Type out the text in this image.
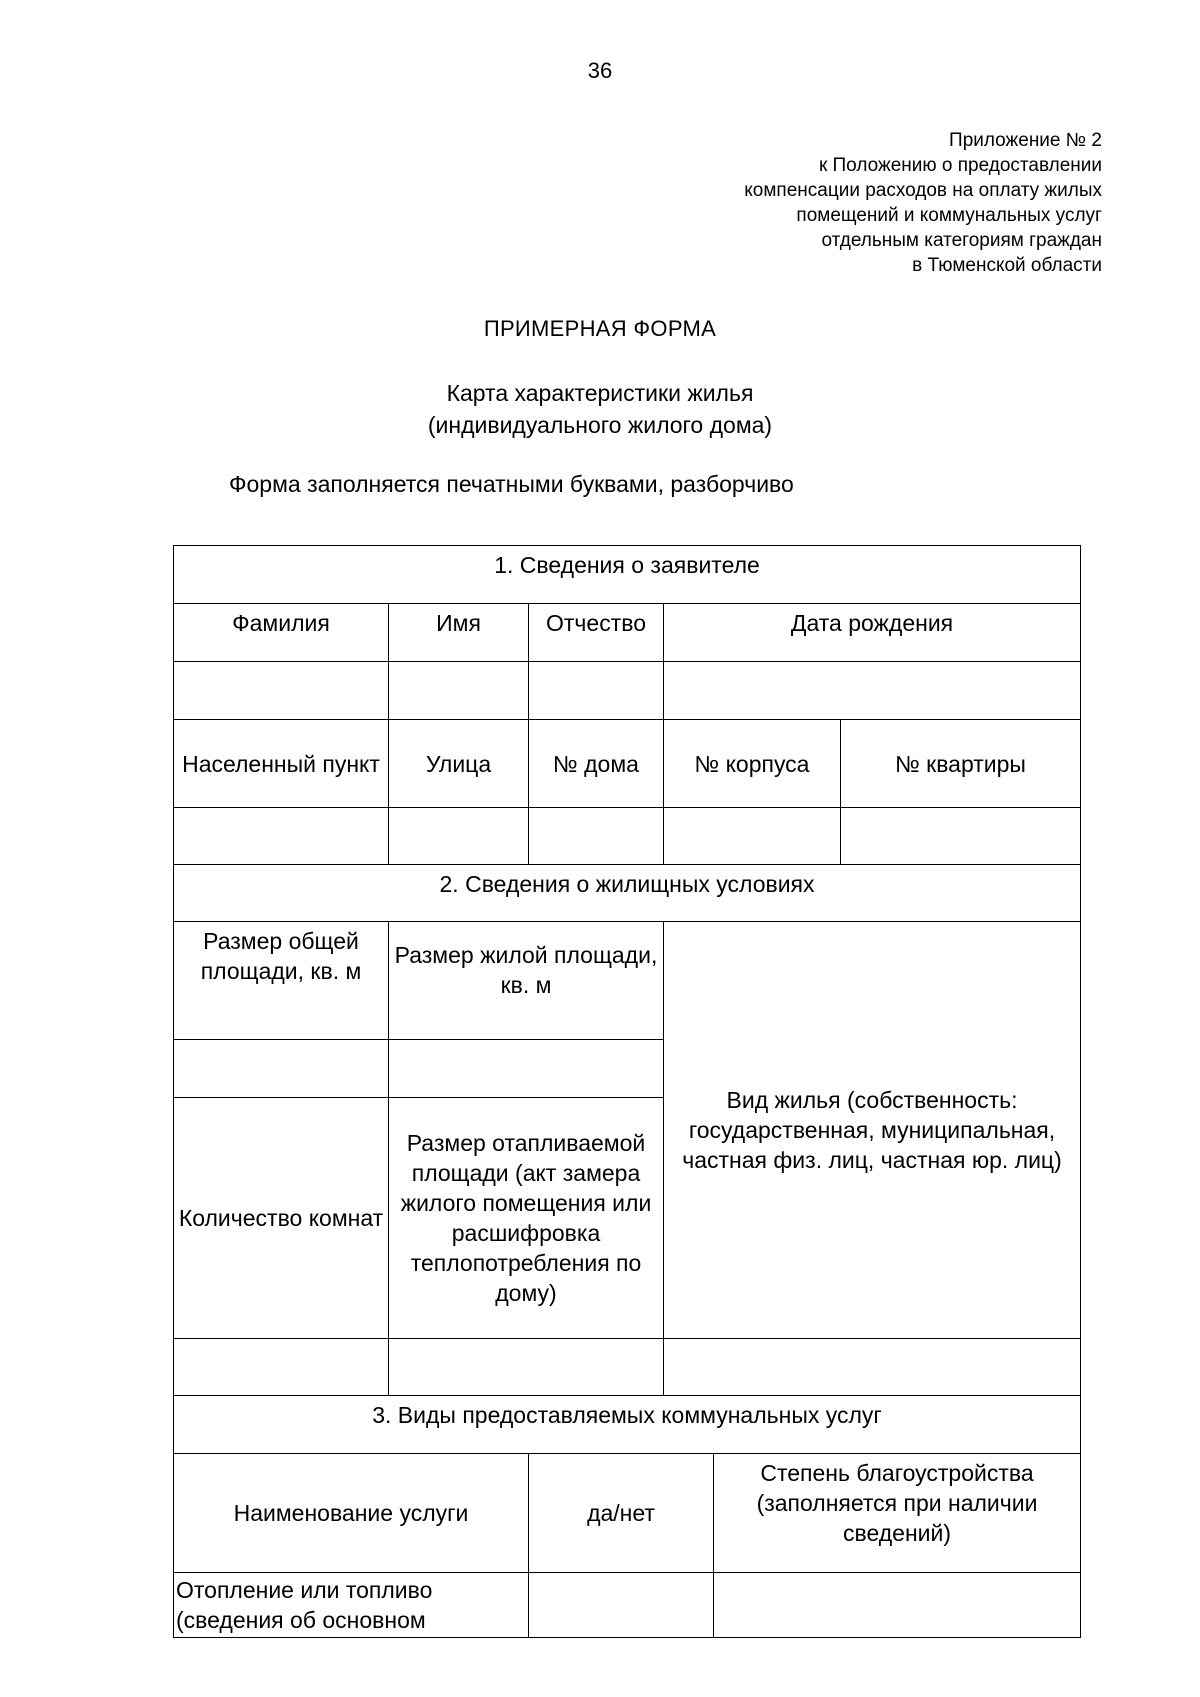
36
Приложение № 2
к Положению о предоставлении
компенсации расходов на оплату жилых
помещений и коммунальных услуг
отдельным категориям граждан
в Тюменской области
ПРИМЕРНАЯ ФОРМА
Карта характеристики жилья
(индивидуального жилого дома)
Форма заполняется печатными буквами, разборчиво
1. Сведения о заявителе					
Фамилия	Имя	Отчество	Дата рождения		

Населенный пункт	Улица	№ дома	№ корпуса		№ квартиры

2. Сведения о жилищных условиях					
Размер общей площади, кв. м	Размер жилой площади, кв. м		Вид жилья (собственность: государственная, муниципальная, частная физ. лиц, частная юр. лиц)		

Количество комнат	Размер отапливаемой площади (акт замера жилого помещения или расшифровка теплопотребления по дому)				

3. Виды предоставляемых коммунальных услуг					
Наименование услуги		да/нет		Степень благоустройства (заполняется при наличии сведений)	
Отопление или топливо (сведения об основном					
